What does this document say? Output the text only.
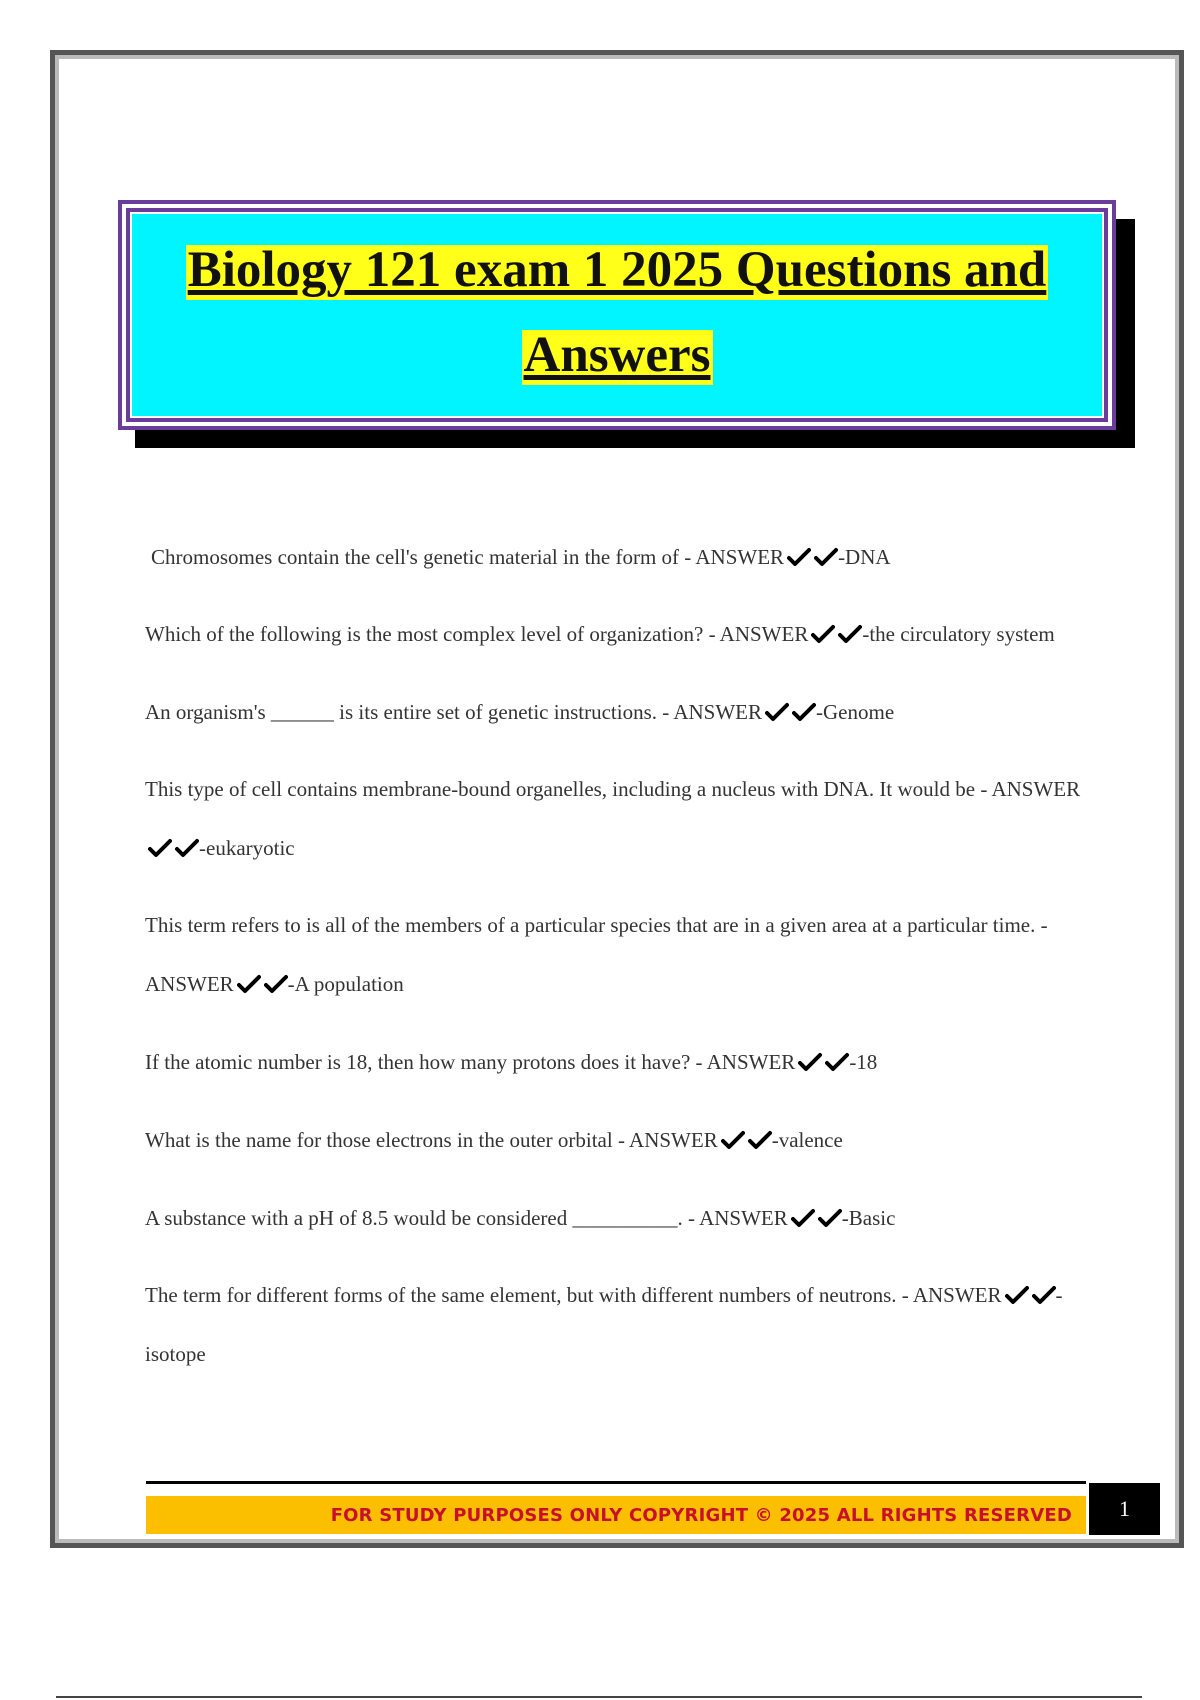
Biology 121 exam 1 2025 Questions and
Answers

Chromosomes contain the cell's genetic material in the form of - ANSWER	-DNA

Which of the following is the most complex level of organization? - ANSWER	-the circulatory system

An organism's ______ is its entire set of genetic instructions. - ANSWER	-Genome

This type of cell contains membrane-bound organelles, including a nucleus with DNA. It would be - ANSWER
-eukaryotic

This term refers to is all of the members of a particular species that are in a given area at a particular time. - ANSWER	-A population

If the atomic number is 18, then how many protons does it have? - ANSWER	-18

What is the name for those electrons in the outer orbital - ANSWER	-valence

A substance with a pH of 8.5 would be considered __________. - ANSWER	-Basic

The term for different forms of the same element, but with different numbers of neutrons. - ANSWER	-isotope

FOR STUDY PURPOSES ONLY COPYRIGHT © 2025 ALL RIGHTS RESERVED 1
